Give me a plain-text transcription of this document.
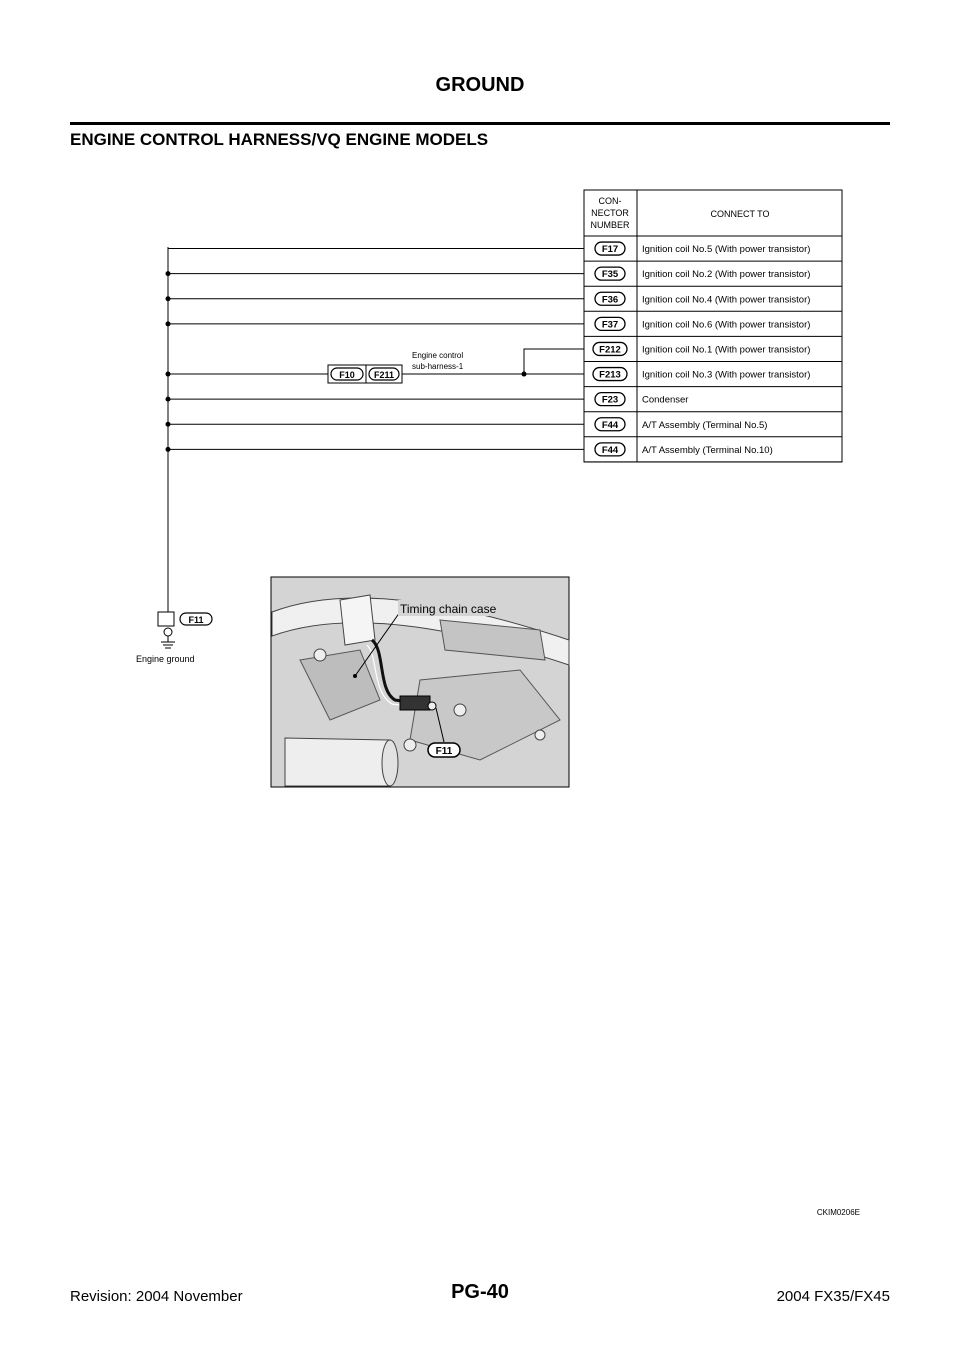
GROUND
ENGINE CONTROL HARNESS/VQ ENGINE MODELS
CON-
NECTOR
NUMBER
CONNECT TO
F17	Ignition coil No.5 (With power transistor)
F35	Ignition coil No.2 (With power transistor)
F36	Ignition coil No.4 (With power transistor)
F37	Ignition coil No.6 (With power transistor)
F212 Ignition coil No.1 (With power transistor)
F213 Ignition coil No.3 (With power transistor)
F23	Condenser
F44	A/T Assembly (Terminal No.5)
F44	A/T Assembly (Terminal No.10)
F10 F211
Engine control
sub-harness-1
F11
Engine ground
Timing chain case
F11
CKIM0206E
Revision: 2004 November	PG-40	2004 FX35/FX45
